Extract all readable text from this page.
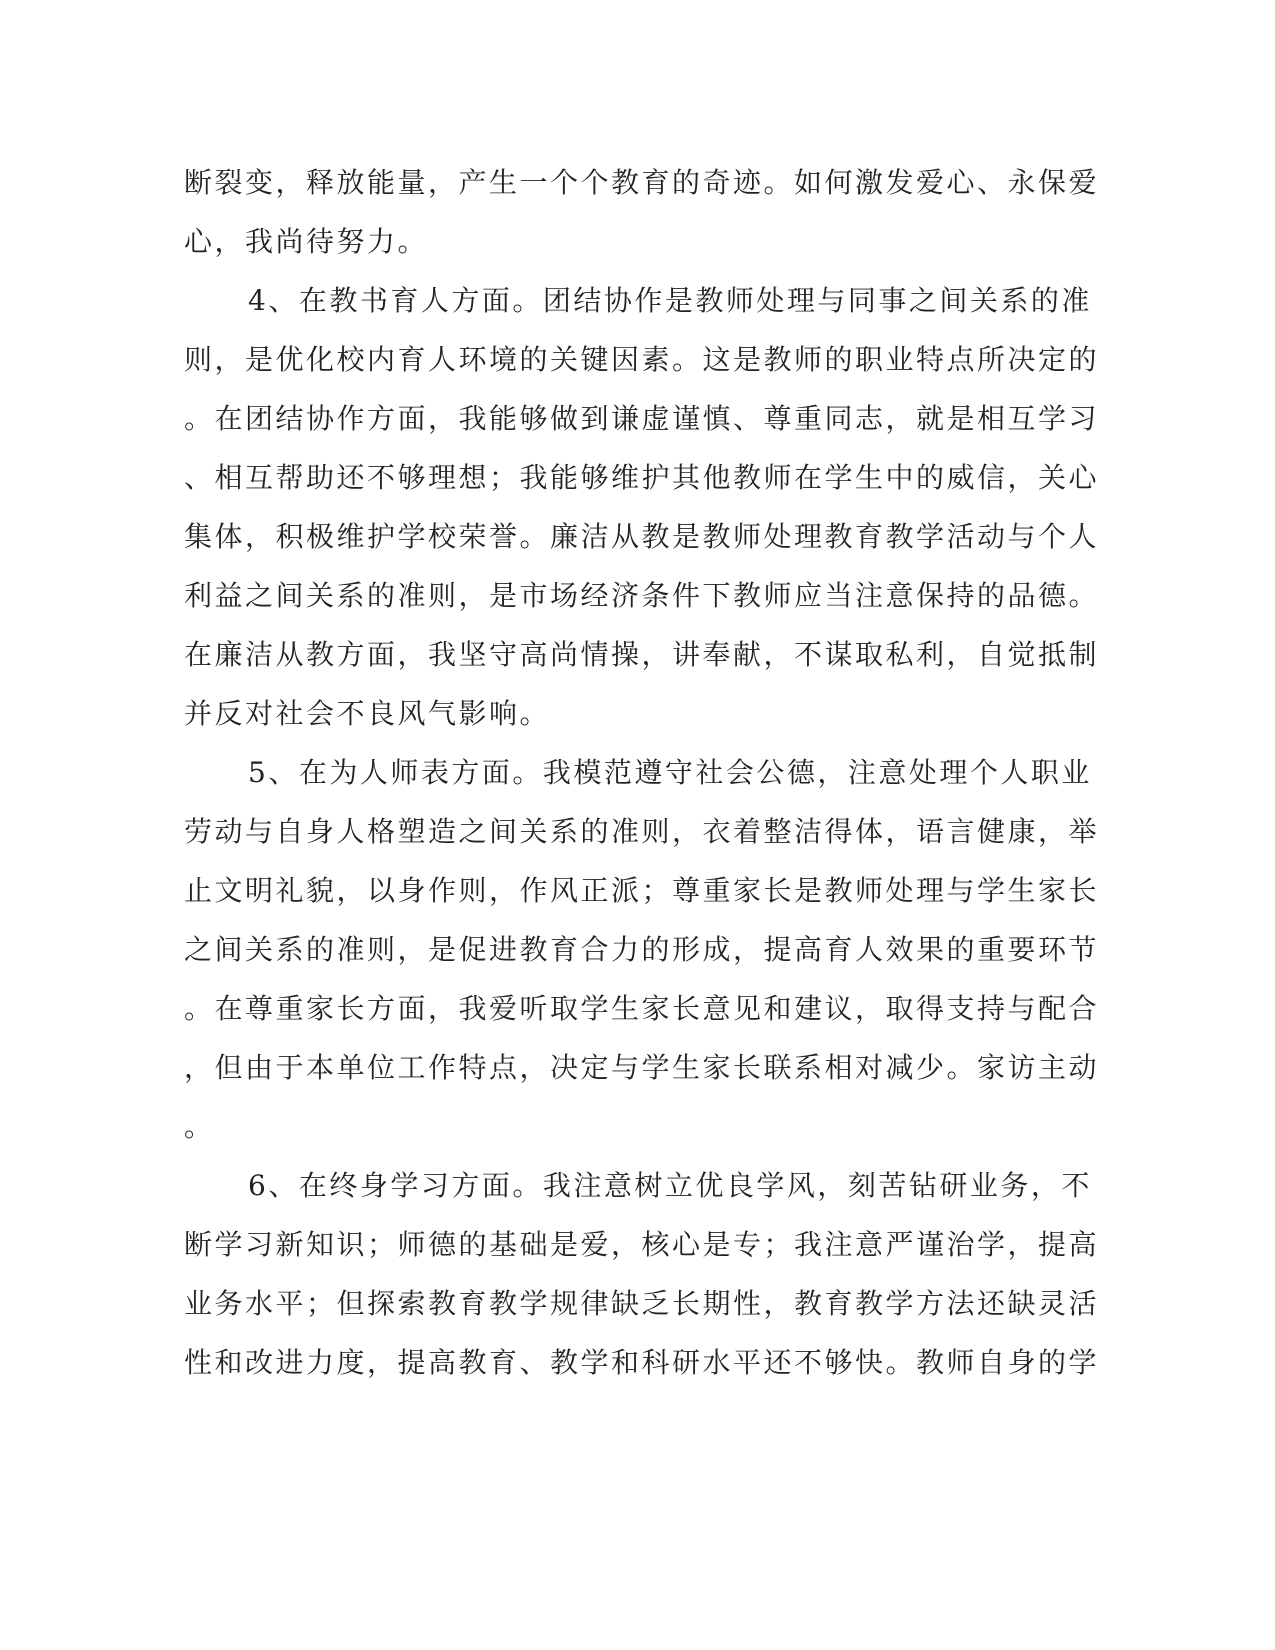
断裂变，释放能量，产生一个个教育的奇迹。如何激发爱心、永保爱
心，我尚待努力。
4、在教书育人方面。团结协作是教师处理与同事之间关系的准
则，是优化校内育人环境的关键因素。这是教师的职业特点所决定的
。在团结协作方面，我能够做到谦虚谨慎、尊重同志，就是相互学习
、相互帮助还不够理想；我能够维护其他教师在学生中的威信，关心
集体，积极维护学校荣誉。廉洁从教是教师处理教育教学活动与个人
利益之间关系的准则，是市场经济条件下教师应当注意保持的品德。
在廉洁从教方面，我坚守高尚情操，讲奉献，不谋取私利，自觉抵制
并反对社会不良风气影响。
5、在为人师表方面。我模范遵守社会公德，注意处理个人职业
劳动与自身人格塑造之间关系的准则，衣着整洁得体，语言健康，举
止文明礼貌，以身作则，作风正派；尊重家长是教师处理与学生家长
之间关系的准则，是促进教育合力的形成，提高育人效果的重要环节
。在尊重家长方面，我爱听取学生家长意见和建议，取得支持与配合
，但由于本单位工作特点，决定与学生家长联系相对减少。家访主动
。
6、在终身学习方面。我注意树立优良学风，刻苦钻研业务，不
断学习新知识；师德的基础是爱，核心是专；我注意严谨治学，提高
业务水平；但探索教育教学规律缺乏长期性，教育教学方法还缺灵活
性和改进力度，提高教育、教学和科研水平还不够快。教师自身的学
